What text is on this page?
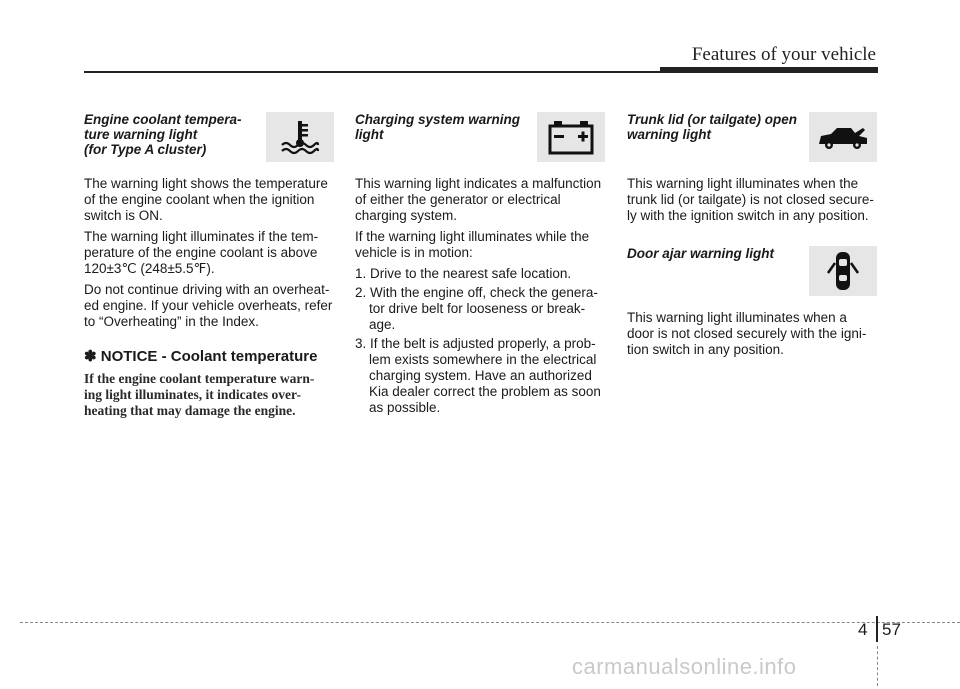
Features of your vehicle

Engine coolant tempera-
ture warning light
(for Type A cluster)

The warning light shows the temperature
of the engine coolant when the ignition
switch is ON.

The warning light illuminates if the tem-
perature of the engine coolant is above
120±3℃ (248±5.5℉).

Do not continue driving with an overheat-
ed engine. If your vehicle overheats, refer
to “Overheating” in the Index.

✽ NOTICE - Coolant temperature
If the engine coolant temperature warn-
ing light illuminates, it indicates over-
heating that may damage the engine.

Charging system warning
light

This warning light indicates a malfunction
of either the generator or electrical
charging system.

If the warning light illuminates while the
vehicle is in motion:

1. Drive to the nearest safe location.
2. With the engine off, check the genera-
tor drive belt for looseness or break-
age.
3. If the belt is adjusted properly, a prob-
lem exists somewhere in the electrical
charging system. Have an authorized
Kia dealer correct the problem as soon
as possible.

Trunk lid (or tailgate) open
warning light

This warning light illuminates when the
trunk lid (or tailgate) is not closed secure-
ly with the ignition switch in any position.

Door ajar warning light

This warning light illuminates when a
door is not closed securely with the igni-
tion switch in any position.

4 57
carmanualsonline.info
